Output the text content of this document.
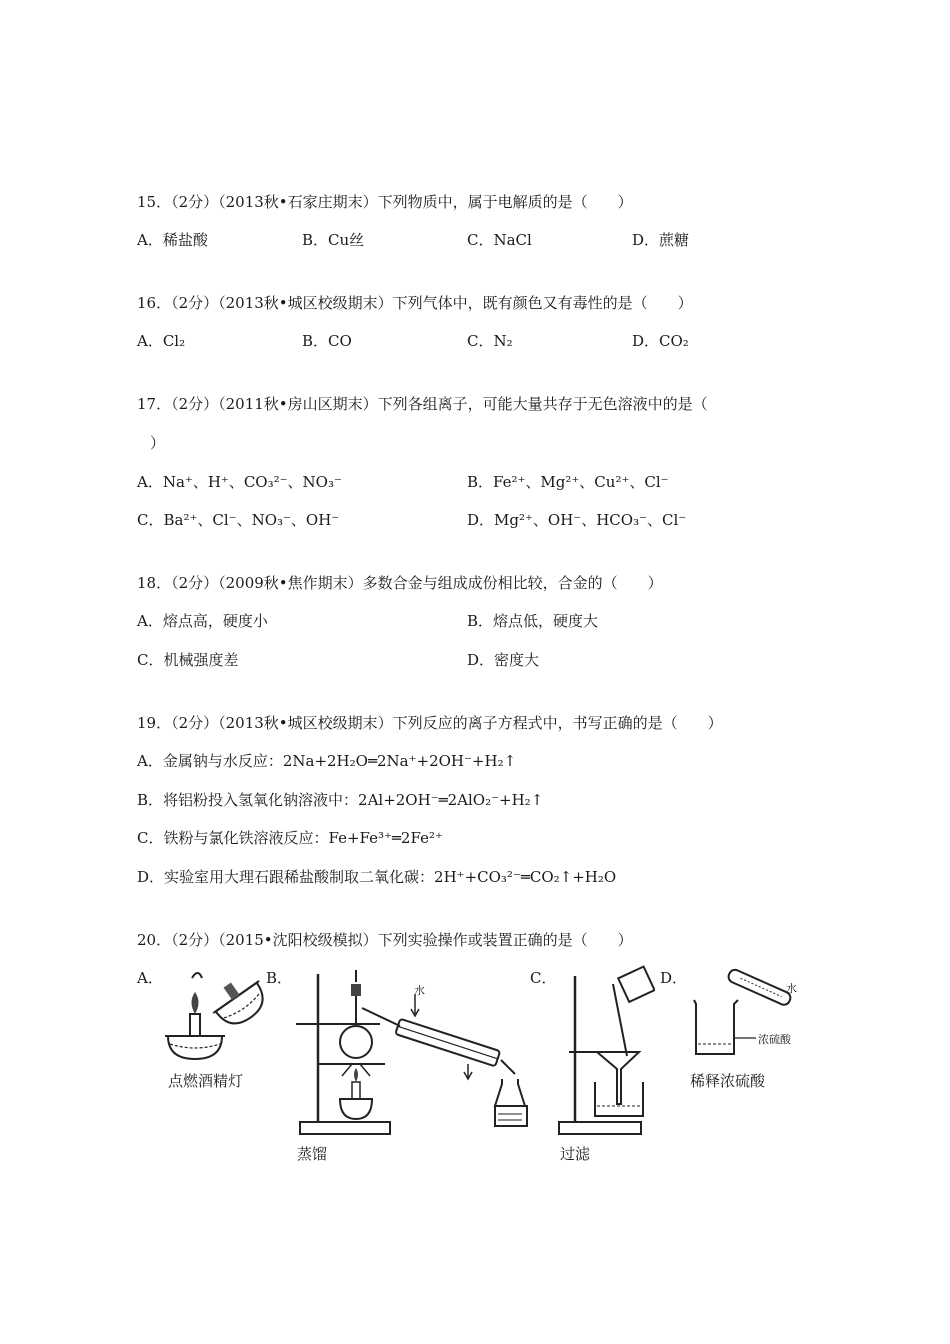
15．（2分）（2013秋•石家庄期末）下列物质中，属于电解质的是（　　）
A．稀盐酸	B．Cu丝	C．NaCl	D．蔗糖
16．（2分）（2013秋•城区校级期末）下列气体中，既有颜色又有毒性的是（　　）
A．Cl₂	B．CO	C．N₂	D．CO₂
17．（2分）（2011秋•房山区期末）下列各组离子，可能大量共存于无色溶液中的是（
）
A．Na⁺、H⁺、CO₃²⁻、NO₃⁻	B．Fe²⁺、Mg²⁺、Cu²⁺、Cl⁻
C．Ba²⁺、Cl⁻、NO₃⁻、OH⁻	D．Mg²⁺、OH⁻、HCO₃⁻、Cl⁻
18．（2分）（2009秋•焦作期末）多数合金与组成成份相比较，合金的（　　）
A．熔点高，硬度小	B．熔点低，硬度大
C．机械强度差	D．密度大
19．（2分）（2013秋•城区校级期末）下列反应的离子方程式中，书写正确的是（　　）
A．金属钠与水反应：2Na+2H₂O═2Na⁺+2OH⁻+H₂↑
B．将铝粉投入氢氧化钠溶液中：2Al+2OH⁻═2AlO₂⁻+H₂↑
C．铁粉与氯化铁溶液反应：Fe+Fe³⁺═2Fe²⁺
D．实验室用大理石跟稀盐酸制取二氧化碳：2H⁺+CO₃²⁻═CO₂↑+H₂O
20．（2分）（2015•沈阳校级模拟）下列实验操作或装置正确的是（　　）
A．	B．	C．	D．
点燃酒精灯
水
蒸馏	过滤
水
浓硫酸
稀释浓硫酸
